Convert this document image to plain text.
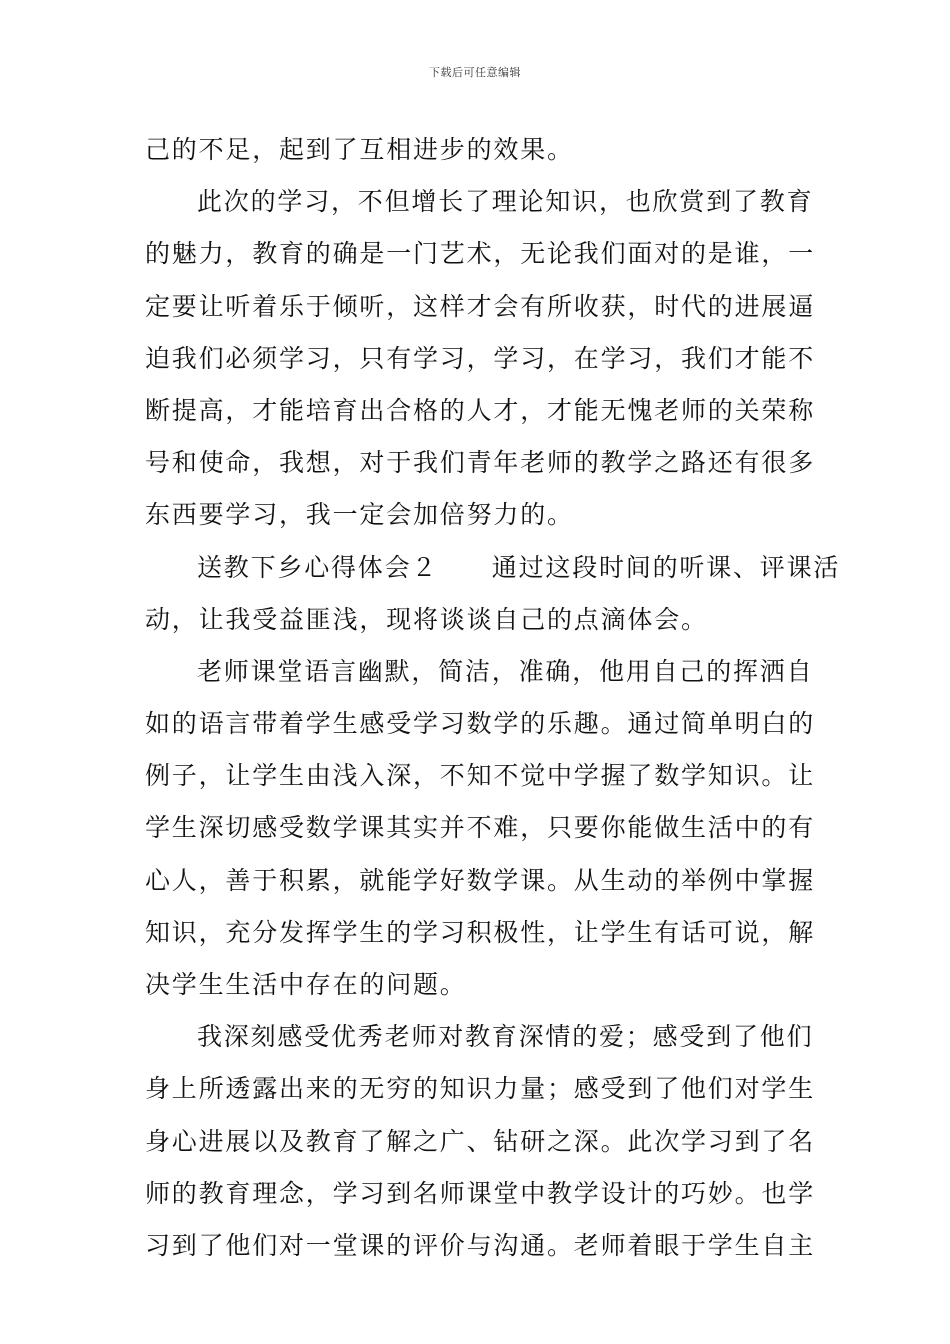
下载后可任意编辑
己的不足，起到了互相进步的效果。
此次的学习，不但增长了理论知识，也欣赏到了教育
的魅力，教育的确是一门艺术，无论我们面对的是谁，一
定要让听着乐于倾听，这样才会有所收获，时代的进展逼
迫我们必须学习，只有学习，学习，在学习，我们才能不
断提高，才能培育出合格的人才，才能无愧老师的关荣称
号和使命，我想，对于我们青年老师的教学之路还有很多
东西要学习，我一定会加倍努力的。
送教下乡心得体会２　　通过这段时间的听课、评课活
动，让我受益匪浅，现将谈谈自己的点滴体会。
老师课堂语言幽默，简洁，准确，他用自己的挥洒自
如的语言带着学生感受学习数学的乐趣。通过简单明白的
例子，让学生由浅入深，不知不觉中学握了数学知识。让
学生深切感受数学课其实并不难，只要你能做生活中的有
心人，善于积累，就能学好数学课。从生动的举例中掌握
知识，充分发挥学生的学习积极性，让学生有话可说，解
决学生生活中存在的问题。
我深刻感受优秀老师对教育深情的爱；感受到了他们
身上所透露出来的无穷的知识力量；感受到了他们对学生
身心进展以及教育了解之广、钻研之深。此次学习到了名
师的教育理念，学习到名师课堂中教学设计的巧妙。也学
习到了他们对一堂课的评价与沟通。老师着眼于学生自主
